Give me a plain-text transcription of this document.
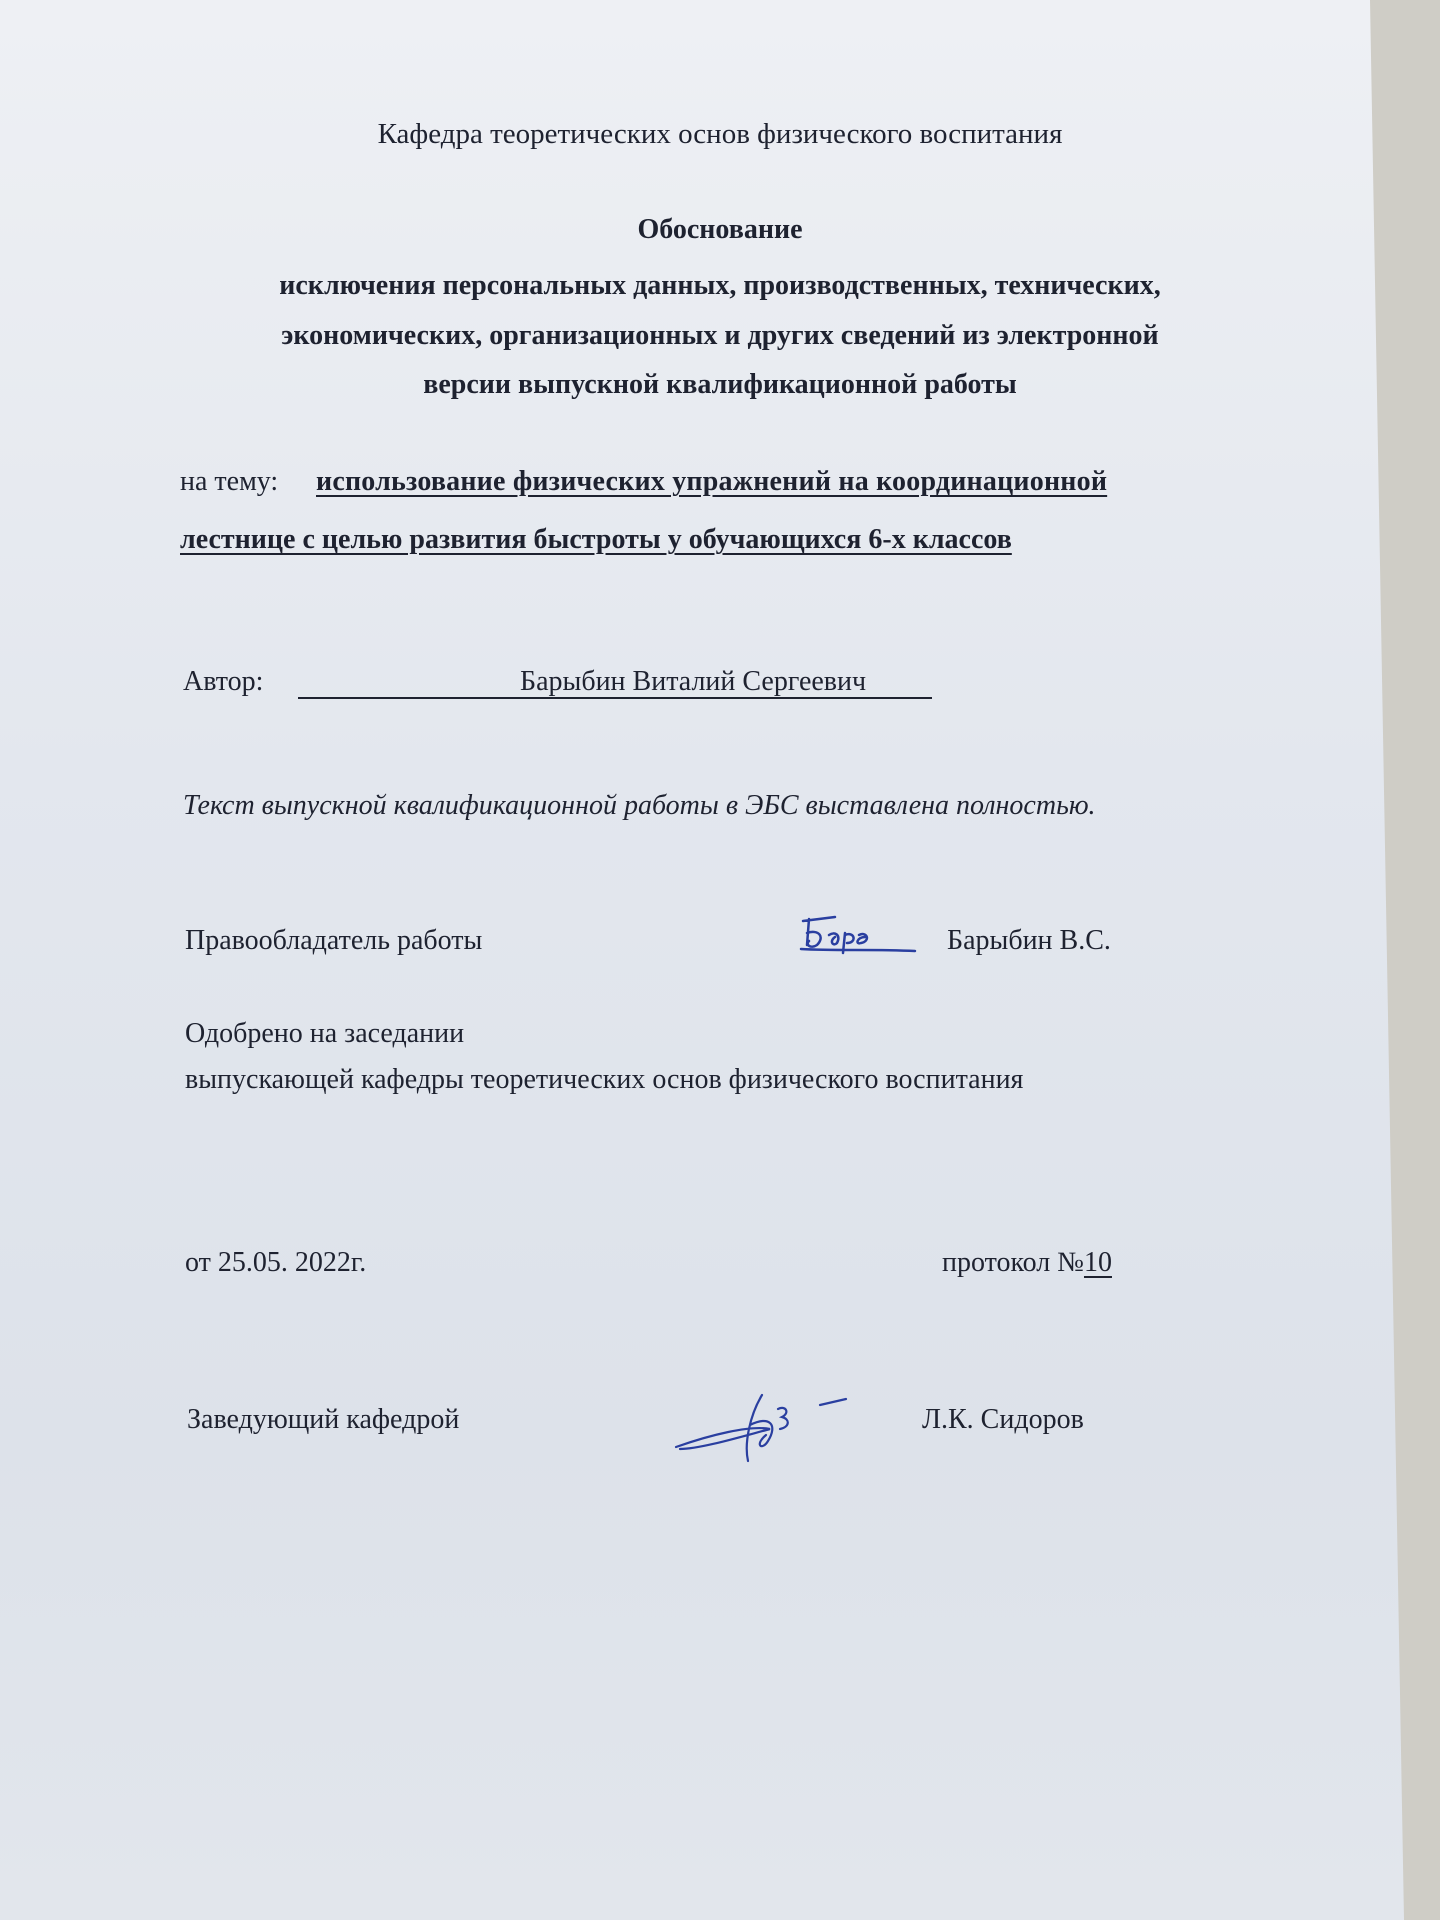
Кафедра теоретических основ физического воспитания
Обоснование
исключения персональных данных, производственных, технических,
экономических, организационных и других сведений из электронной
версии выпускной квалификационной работы
на тему: использование физических упражнений на координационной
лестнице с целью развития быстроты у обучающихся 6-х классов
Автор:	Барыбин Виталий Сергеевич
Текст выпускной квалификационной работы в ЭБС выставлена полностью.
Правообладатель работы	Барыбин В.С.
Одобрено на заседании
выпускающей кафедры теоретических основ физического воспитания
от 25.05. 2022г.	протокол №10
Заведующий кафедрой	Л.К. Сидоров
